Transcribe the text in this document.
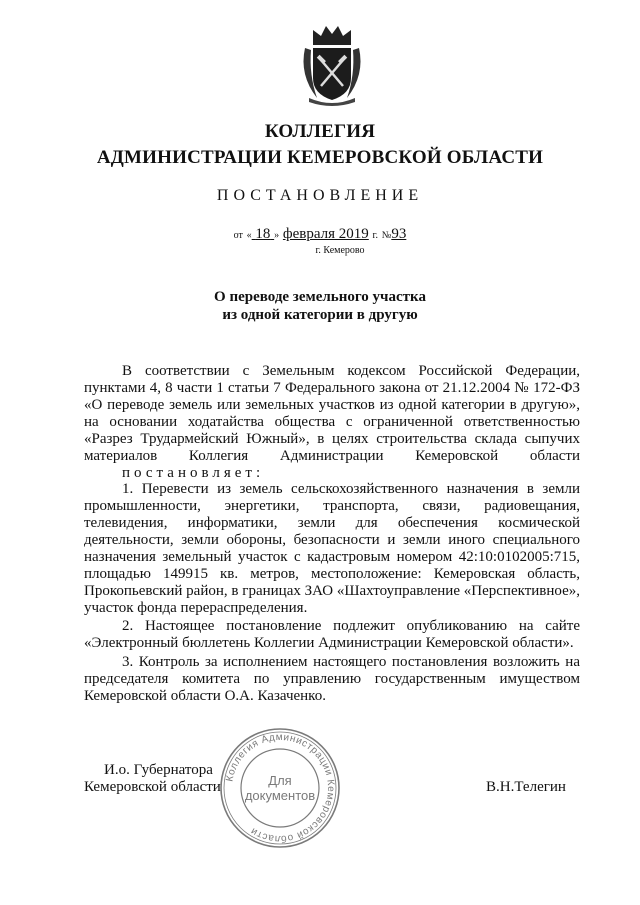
КОЛЛЕГИЯ
АДМИНИСТРАЦИИ КЕМЕРОВСКОЙ ОБЛАСТИ
ПОСТАНОВЛЕНИЕ
от « 18 » февраля 2019 г. №93
г. Кемерово
О переводе земельного участка
из одной категории в другую
В соответствии с Земельным кодексом Российской Федерации, пунктами 4, 8 части 1 статьи 7 Федерального закона от 21.12.2004 № 172-ФЗ «О переводе земель или земельных участков из одной категории в другую», на основании ходатайства общества с ограниченной ответственностью «Разрез Трудармейский Южный», в целях строительства склада сыпучих материалов Коллегия Администрации Кемеровской области
постановляет:
1. Перевести из земель сельскохозяйственного назначения в земли промышленности, энергетики, транспорта, связи, радиовещания, телевидения, информатики, земли для обеспечения космической деятельности, земли обороны, безопасности и земли иного специального назначения земельный участок с кадастровым номером 42:10:0102005:715, площадью 149915 кв. метров, местоположение: Кемеровская область, Прокопьевский район, в границах ЗАО «Шахтоуправление «Перспективное», участок фонда перераспределения.
2. Настоящее постановление подлежит опубликованию на сайте «Электронный бюллетень Коллегии Администрации Кемеровской области».
3. Контроль за исполнением настоящего постановления возложить на председателя комитета по управлению государственным имуществом Кемеровской области О.А. Казаченко.
И.о. Губернатора
Кемеровской области	В.Н.Телегин
Коллегия Администрации Кемеровской области
Для
документов
